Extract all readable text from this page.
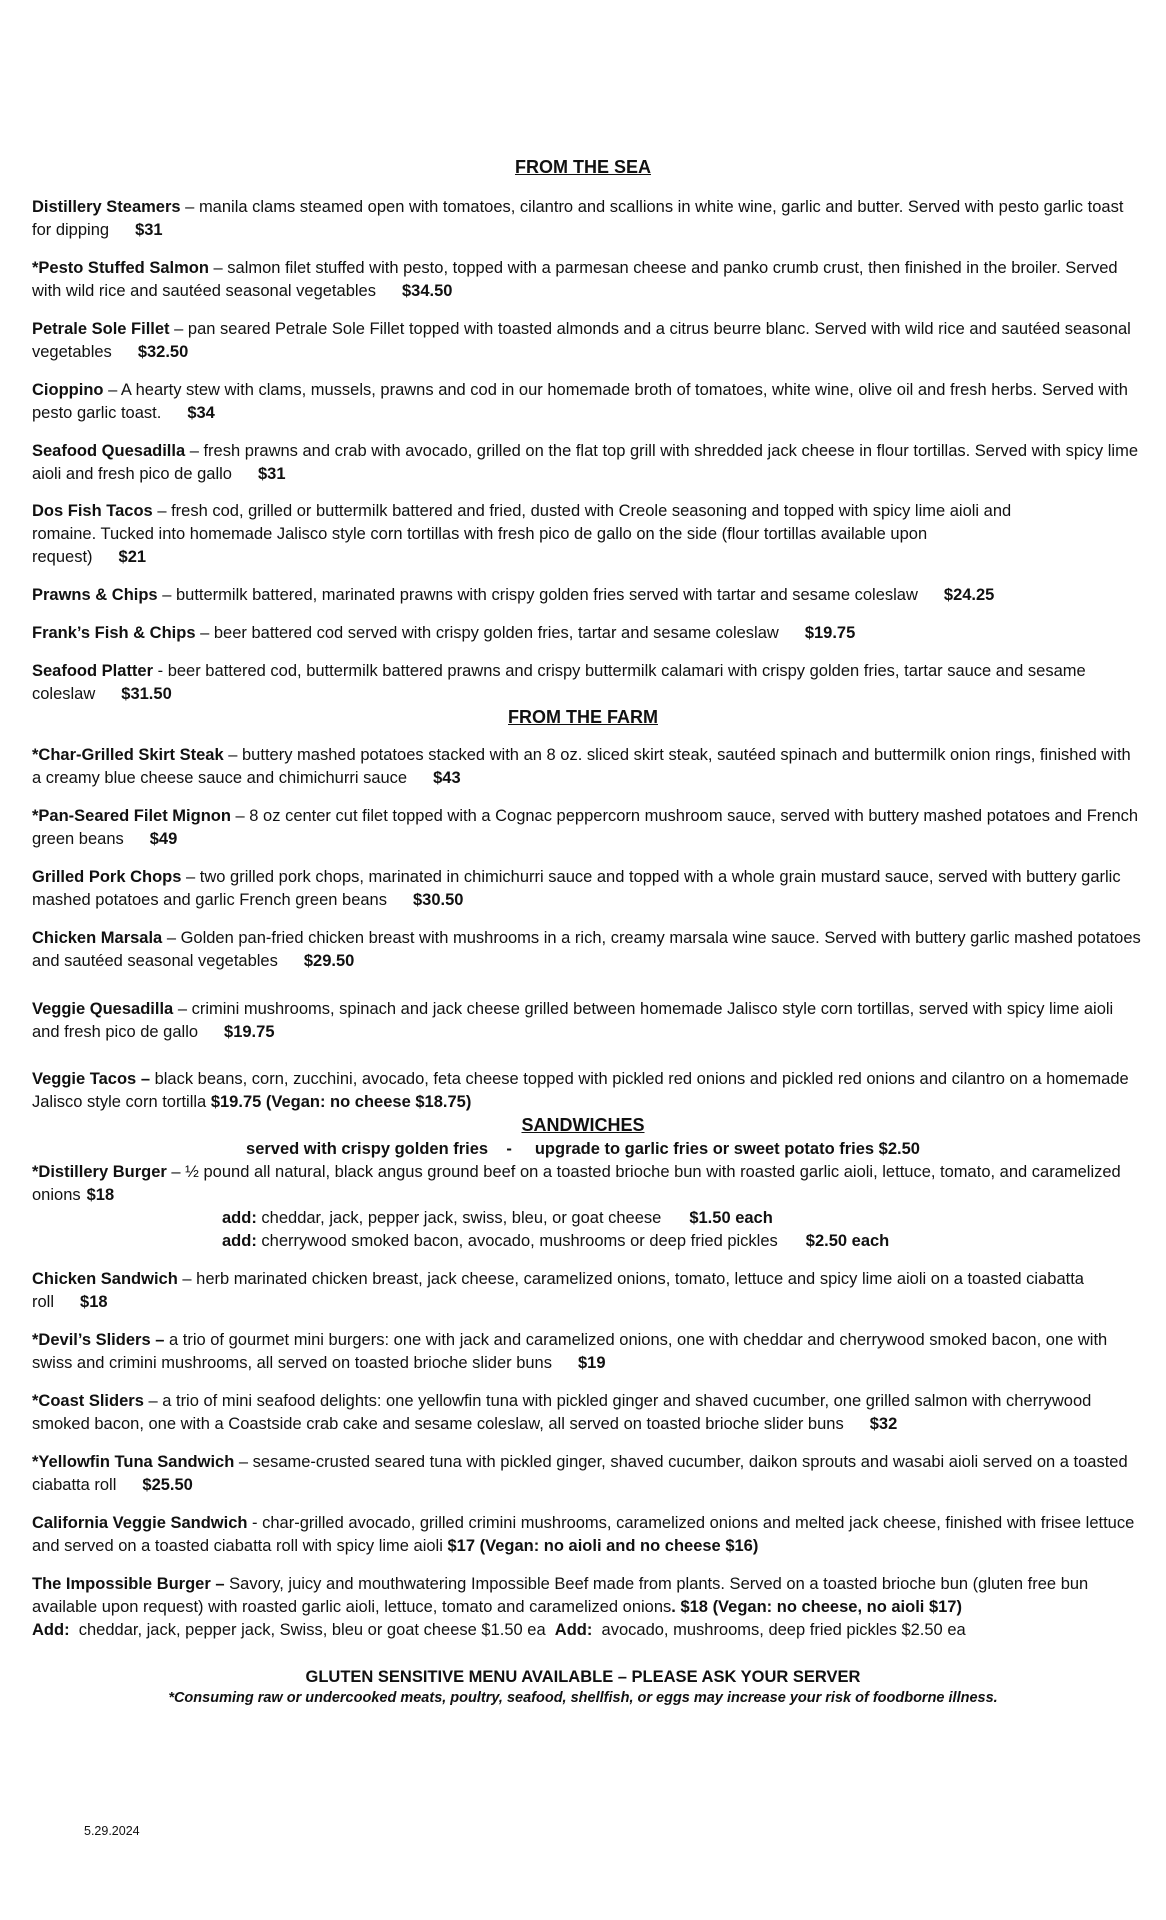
FROM THE SEA
Distillery Steamers – manila clams steamed open with tomatoes, cilantro and scallions in white wine, garlic and butter. Served with pesto garlic toast for dipping $31
*Pesto Stuffed Salmon – salmon filet stuffed with pesto, topped with a parmesan cheese and panko crumb crust, then finished in the broiler. Served with wild rice and sautéed seasonal vegetables $34.50
Petrale Sole Fillet – pan seared Petrale Sole Fillet topped with toasted almonds and a citrus beurre blanc. Served with wild rice and sautéed seasonal vegetables $32.50
Cioppino – A hearty stew with clams, mussels, prawns and cod in our homemade broth of tomatoes, white wine, olive oil and fresh herbs. Served with pesto garlic toast. $34
Seafood Quesadilla – fresh prawns and crab with avocado, grilled on the flat top grill with shredded jack cheese in flour tortillas. Served with spicy lime aioli and fresh pico de gallo $31
Dos Fish Tacos – fresh cod, grilled or buttermilk battered and fried, dusted with Creole seasoning and topped with spicy lime aioli and romaine. Tucked into homemade Jalisco style corn tortillas with fresh pico de gallo on the side (flour tortillas available upon request) $21
Prawns & Chips – buttermilk battered, marinated prawns with crispy golden fries served with tartar and sesame coleslaw $24.25
Frank’s Fish & Chips – beer battered cod served with crispy golden fries, tartar and sesame coleslaw $19.75
Seafood Platter - beer battered cod, buttermilk battered prawns and crispy buttermilk calamari with crispy golden fries, tartar sauce and sesame coleslaw $31.50
FROM THE FARM
*Char-Grilled Skirt Steak – buttery mashed potatoes stacked with an 8 oz. sliced skirt steak, sautéed spinach and buttermilk onion rings, finished with a creamy blue cheese sauce and chimichurri sauce $43
*Pan-Seared Filet Mignon – 8 oz center cut filet topped with a Cognac peppercorn mushroom sauce, served with buttery mashed potatoes and French green beans $49
Grilled Pork Chops – two grilled pork chops, marinated in chimichurri sauce and topped with a whole grain mustard sauce, served with buttery garlic mashed potatoes and garlic French green beans $30.50
Chicken Marsala – Golden pan-fried chicken breast with mushrooms in a rich, creamy marsala wine sauce. Served with buttery garlic mashed potatoes and sautéed seasonal vegetables $29.50
Veggie Quesadilla – crimini mushrooms, spinach and jack cheese grilled between homemade Jalisco style corn tortillas, served with spicy lime aioli and fresh pico de gallo $19.75
Veggie Tacos – black beans, corn, zucchini, avocado, feta cheese topped with pickled red onions and pickled red onions and cilantro on a homemade Jalisco style corn tortilla $19.75 (Vegan: no cheese $18.75)
SANDWICHES
served with crispy golden fries    -     upgrade to garlic fries or sweet potato fries $2.50
*Distillery Burger – ½ pound all natural, black angus ground beef on a toasted brioche bun with roasted garlic aioli, lettuce, tomato, and caramelized onions $18
add: cheddar, jack, pepper jack, swiss, bleu, or goat cheese $1.50 each
add: cherrywood smoked bacon, avocado, mushrooms or deep fried pickles $2.50 each
Chicken Sandwich – herb marinated chicken breast, jack cheese, caramelized onions, tomato, lettuce and spicy lime aioli on a toasted ciabatta roll $18
*Devil’s Sliders – a trio of gourmet mini burgers: one with jack and caramelized onions, one with cheddar and cherrywood smoked bacon, one with swiss and crimini mushrooms, all served on toasted brioche slider buns $19
*Coast Sliders – a trio of mini seafood delights: one yellowfin tuna with pickled ginger and shaved cucumber, one grilled salmon with cherrywood smoked bacon, one with a Coastside crab cake and sesame coleslaw, all served on toasted brioche slider buns $32
*Yellowfin Tuna Sandwich – sesame-crusted seared tuna with pickled ginger, shaved cucumber, daikon sprouts and wasabi aioli served on a toasted ciabatta roll $25.50
California Veggie Sandwich - char-grilled avocado, grilled crimini mushrooms, caramelized onions and melted jack cheese, finished with frisee lettuce and served on a toasted ciabatta roll with spicy lime aioli $17 (Vegan: no aioli and no cheese $16)
The Impossible Burger – Savory, juicy and mouthwatering Impossible Beef made from plants. Served on a toasted brioche bun (gluten free bun available upon request) with roasted garlic aioli, lettuce, tomato and caramelized onions. $18 (Vegan: no cheese, no aioli $17)
Add:  cheddar, jack, pepper jack, Swiss, bleu or goat cheese $1.50 ea  Add:  avocado, mushrooms, deep fried pickles $2.50 ea
GLUTEN SENSITIVE MENU AVAILABLE – PLEASE ASK YOUR SERVER
*Consuming raw or undercooked meats, poultry, seafood, shellfish, or eggs may increase your risk of foodborne illness.
5.29.2024
